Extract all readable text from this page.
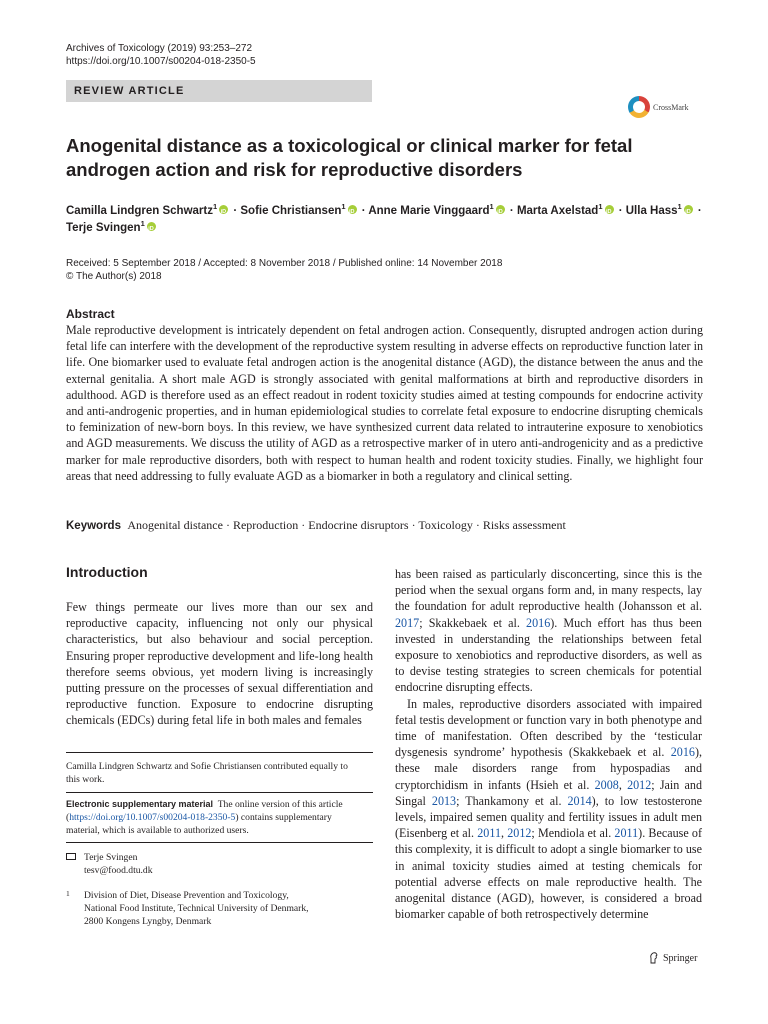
Archives of Toxicology (2019) 93:253–272
https://doi.org/10.1007/s00204-018-2350-5
REVIEW ARTICLE
CrossMark
Anogenital distance as a toxicological or clinical marker for fetal
androgen action and risk for reproductive disorders
Camilla Lindgren Schwartz$^1$iD · Sofie Christiansen$^1$iD · Anne Marie Vinggaard$^1$iD · Marta Axelstad$^1$iD · Ulla Hass$^1$iD ·
Terje Svingen$^1$iD
Received: 5 September 2018 / Accepted: 8 November 2018 / Published online: 14 November 2018
© The Author(s) 2018
Abstract
Male reproductive development is intricately dependent on fetal androgen action. Consequently, disrupted androgen action during fetal life can interfere with the development of the reproductive system resulting in adverse effects on reproductive function later in life. One biomarker used to evaluate fetal androgen action is the anogenital distance (AGD), the distance between the anus and the external genitalia. A short male AGD is strongly associated with genital malformations at birth and reproductive disorders in adulthood. AGD is therefore used as an effect readout in rodent toxicity studies aimed at testing compounds for endocrine activity and anti-androgenic properties, and in human epidemiological studies to correlate fetal exposure to endocrine disrupting chemicals to feminization of new-born boys. In this review, we have synthesized current data related to intrauterine exposure to xenobiotics and AGD measurements. We discuss the utility of AGD as a retrospective marker of in utero anti-androgenicity and as a predictive marker for male reproductive disorders, both with respect to human health and rodent toxicity studies. Finally, we highlight four areas that need addressing to fully evaluate AGD as a biomarker in both a regulatory and clinical setting.
Keywords Anogenital distance · Reproduction · Endocrine disruptors · Toxicology · Risks assessment
Introduction

Few things permeate our lives more than our sex and reproductive capacity, influencing not only our physical characteristics, but also behaviour and social perception. Ensuring proper reproductive development and life-long health therefore seems obvious, yet modern living is increasingly putting pressure on the processes of sexual differentiation and reproductive function. Exposure to endocrine disrupting chemicals (EDCs) during fetal life in both males and females

has been raised as particularly disconcerting, since this is the period when the sexual organs form and, in many respects, lay the foundation for adult reproductive health (Johansson et al. 2017; Skakkebaek et al. 2016). Much effort has thus been invested in understanding the relationships between fetal exposure to xenobiotics and reproductive disorders, as well as to devise testing strategies to screen chemicals for potential endocrine disrupting effects.

In males, reproductive disorders associated with impaired fetal testis development or function vary in both phenotype and time of manifestation. Often described by the ‘testicular dysgenesis syndrome’ hypothesis (Skakkebaek et al. 2016), these male disorders range from hypospadias and cryptorchidism in infants (Hsieh et al. 2008, 2012; Jain and Singal 2013; Thankamony et al. 2014), to low testosterone levels, impaired semen quality and fertility issues in adult men (Eisenberg et al. 2011, 2012; Mendiola et al. 2011). Because of this complexity, it is difficult to adopt a single biomarker to use in animal toxicity studies aimed at testing chemicals for potential adverse effects on male reproductive health. The anogenital distance (AGD), however, is considered a broad biomarker capable of both retrospectively determine

Camilla Lindgren Schwartz and Sofie Christiansen contributed equally to this work.
Electronic supplementary material The online version of this article (https://doi.org/10.1007/s00204-018-2350-5) contains supplementary material, which is available to authorized users.
Terje Svingen
tesv@food.dtu.dk
1 Division of Diet, Disease Prevention and Toxicology,
National Food Institute, Technical University of Denmark,
2800 Kongens Lyngby, Denmark
Springer
